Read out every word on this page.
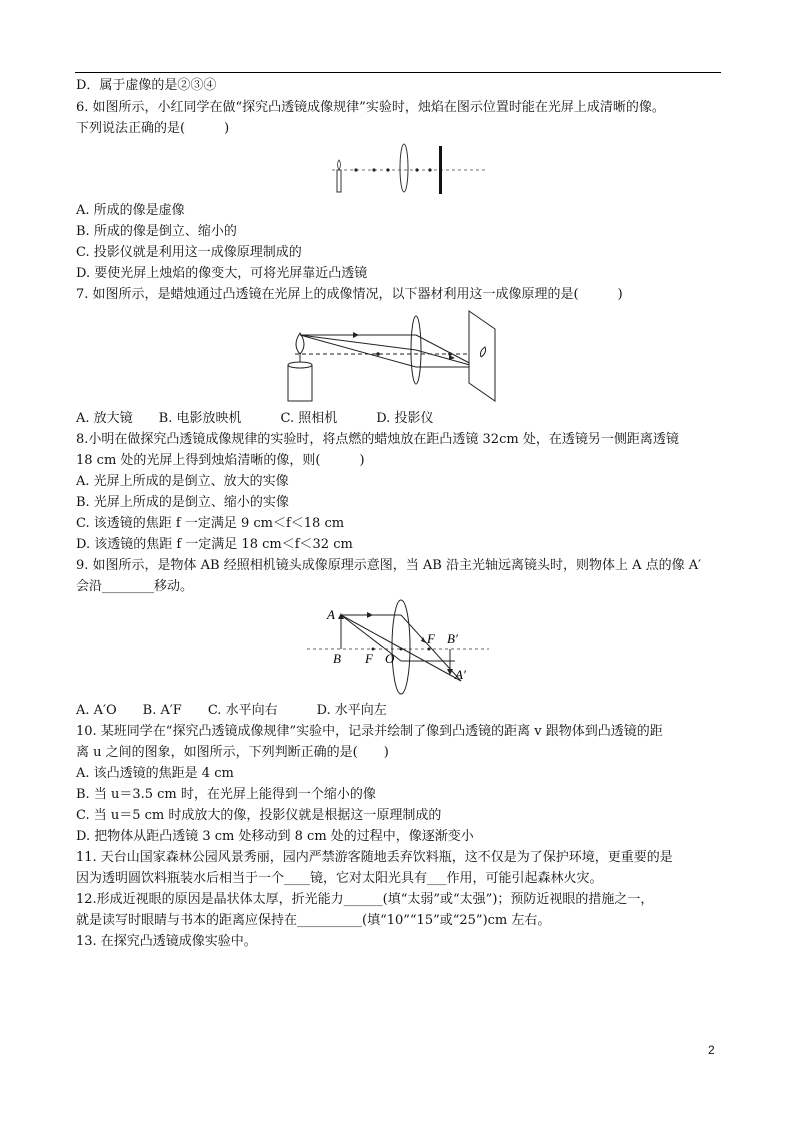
D．属于虚像的是②③④
6. 如图所示，小红同学在做“探究凸透镜成像规律”实验时，烛焰在图示位置时能在光屏上成清晰的像。
下列说法正确的是(　　　)
A. 所成的像是虚像
B. 所成的像是倒立、缩小的
C. 投影仪就是利用这一成像原理制成的
D. 要使光屏上烛焰的像变大，可将光屏靠近凸透镜
7. 如图所示，是蜡烛通过凸透镜在光屏上的成像情况，以下器材利用这一成像原理的是(　　　)
A. 放大镜　　B. 电影放映机　　　C. 照相机　　　D. 投影仪
8.小明在做探究凸透镜成像规律的实验时，将点燃的蜡烛放在距凸透镜 32cm 处，在透镜另一侧距离透镜
18 cm 处的光屏上得到烛焰清晰的像，则(　　　)
A. 光屏上所成的是倒立、放大的实像
B. 光屏上所成的是倒立、缩小的实像
C. 该透镜的焦距 f 一定满足 9 cm＜f＜18 cm
D. 该透镜的焦距 f 一定满足 18 cm＜f＜32 cm
9. 如图所示，是物体 AB 经照相机镜头成像原理示意图，当 AB 沿主光轴远离镜头时，则物体上 A 点的像 A′
会沿________移动。
A
B F O
F B′
A′
A. A′O　　B. A′F　　C. 水平向右　　　D. 水平向左
10. 某班同学在“探究凸透镜成像规律”实验中，记录并绘制了像到凸透镜的距离 v 跟物体到凸透镜的距
离 u 之间的图象，如图所示，下列判断正确的是(　　)
A. 该凸透镜的焦距是 4 cm
B. 当 u＝3.5 cm 时，在光屏上能得到一个缩小的像
C. 当 u＝5 cm 时成放大的像，投影仪就是根据这一原理制成的
D. 把物体从距凸透镜 3 cm 处移动到 8 cm 处的过程中，像逐渐变小
11. 天台山国家森林公园风景秀丽，园内严禁游客随地丢弃饮料瓶，这不仅是为了保护环境，更重要的是
因为透明圆饮料瓶装水后相当于一个____镜，它对太阳光具有___作用，可能引起森林火灾。
12.形成近视眼的原因是晶状体太厚，折光能力______(填“太弱”或“太强”)；预防近视眼的措施之一，
就是读写时眼睛与书本的距离应保持在__________(填“10”“15”或“25”)cm 左右。
13. 在探究凸透镜成像实验中。
2
